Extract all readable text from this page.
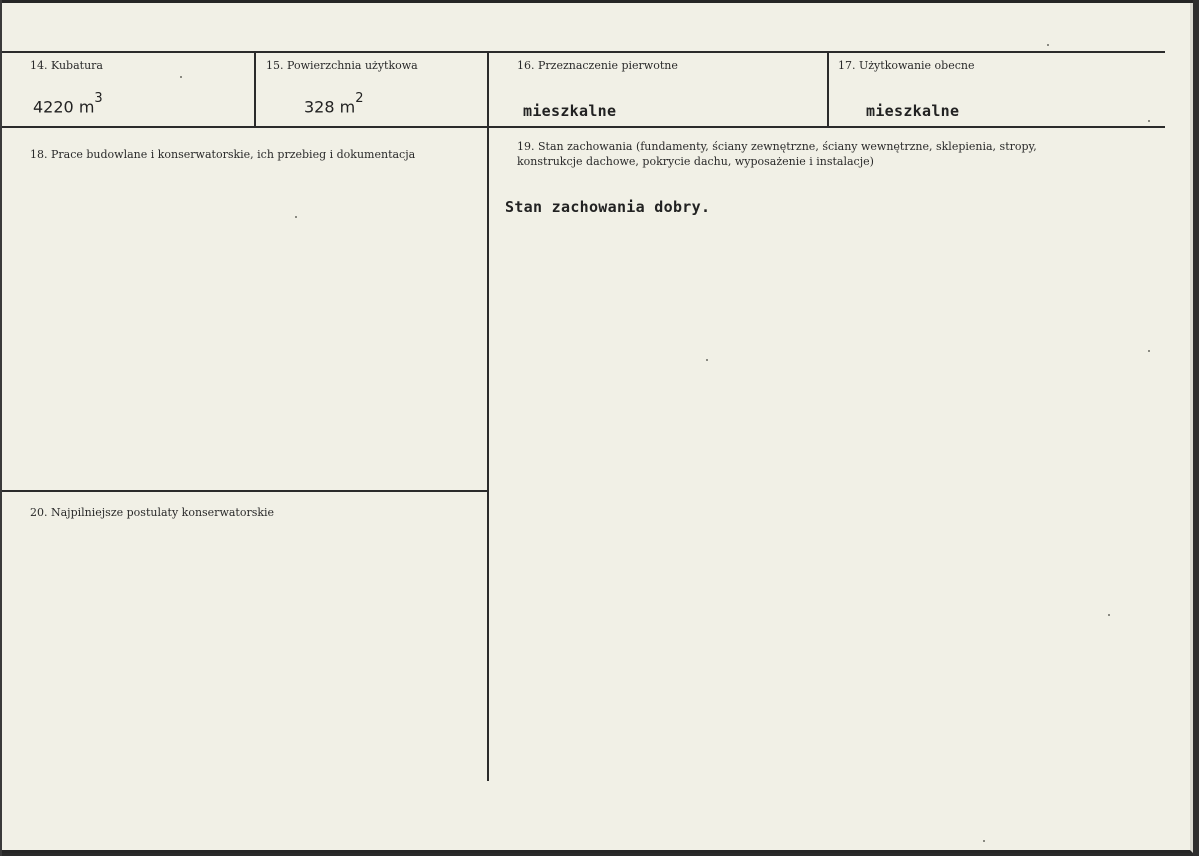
14. Kubatura
4220 $m^3$
15. Powierzchnia użytkowa
328 $m^2$
16. Przeznaczenie pierwotne
mieszkalne
17. Użytkowanie obecne
mieszkalne
18. Prace budowlane i konserwatorskie, ich przebieg i dokumentacja
19. Stan zachowania (fundamenty, ściany zewnętrzne, ściany wewnętrzne, sklepienia, stropy,
konstrukcje dachowe, pokrycie dachu, wyposażenie i instalacje)
Stan zachowania dobry.
20. Najpilniejsze postulaty konserwatorskie
